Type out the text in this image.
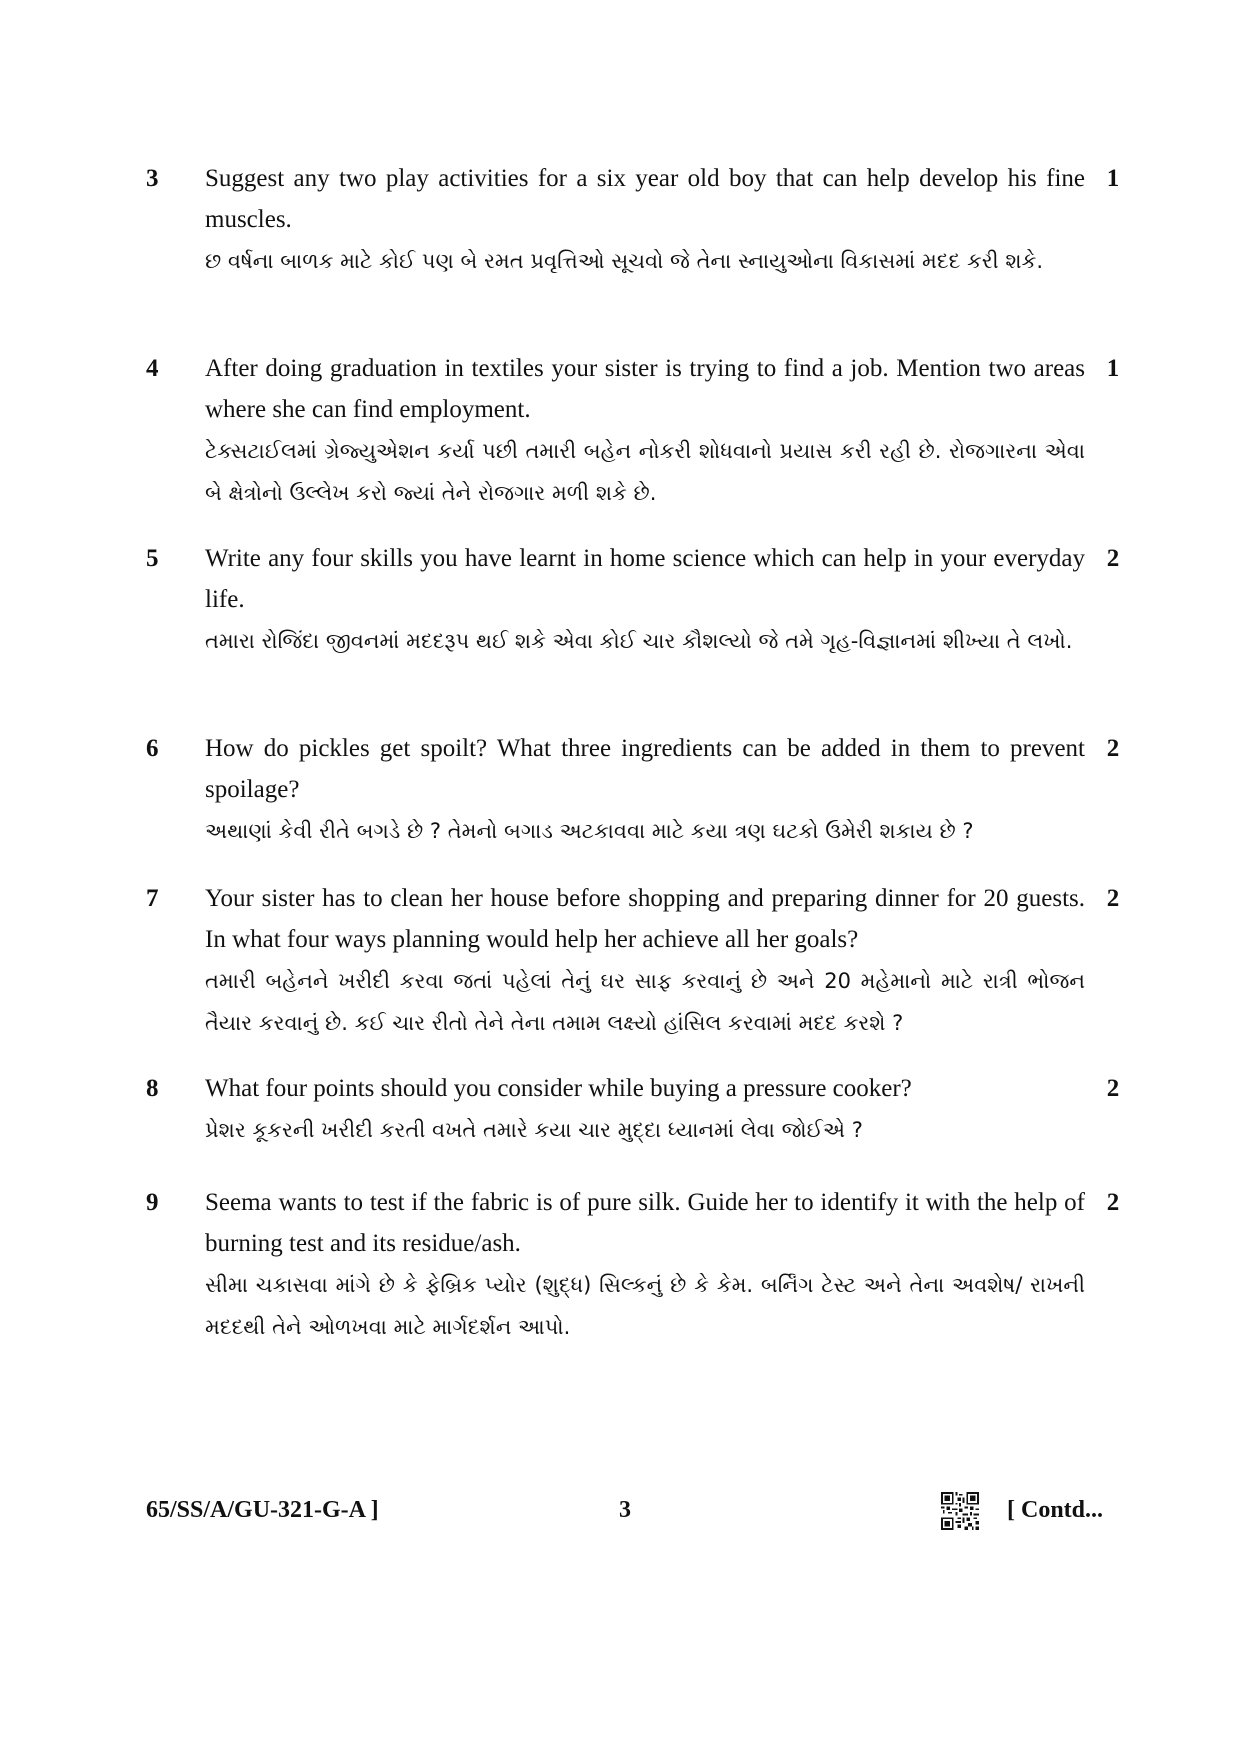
3 Suggest any two play activities for a six year old boy that can help develop his fine muscles.
છ વર્ષના બાળક માટે કોઈ પણ બે રમત પ્રવૃત્તિઓ સૂચવો જે તેના સ્નાયુઓના વિકાસમાં મદદ કરી શકે.
1
4 After doing graduation in textiles your sister is trying to find a job. Mention two areas where she can find employment.
ટેક્સટાઈલમાં ગ્રેજ્યુએશન કર્યા પછી તમારી બહેન નોકરી શોધવાનો પ્રયાસ કરી રહી છે. રોજગારના એવા બે ક્ષેત્રોનો ઉલ્લેખ કરો જ્યાં તેને રોજગાર મળી શકે છે.
1
5 Write any four skills you have learnt in home science which can help in your everyday life.
તમારા રોજિંદા જીવનમાં મદદરૂપ થઈ શકે એવા કોઈ ચાર કૌશલ્યો જે તમે ગૃહ-વિજ્ઞાનમાં શીખ્યા તે લખો.
2
6 How do pickles get spoilt? What three ingredients can be added in them to prevent spoilage?
અથાણાં કેવી રીતે બગડે છે ? તેમનો બગાડ અટકાવવા માટે કયા ત્રણ ઘટકો ઉમેરી શકાય છે ?
2
7 Your sister has to clean her house before shopping and preparing dinner for 20 guests. In what four ways planning would help her achieve all her goals?
તમારી બહેનને ખરીદી કરવા જતાં પહેલાં તેનું ઘર સાફ કરવાનું છે અને 20 મહેમાનો માટે રાત્રી ભોજન તૈયાર કરવાનું છે. કઈ ચાર રીતો તેને તેના તમામ લક્ષ્યો હાંસિલ કરવામાં મદદ કરશે ?
2
8 What four points should you consider while buying a pressure cooker?
પ્રેશર કૂકરની ખરીદી કરતી વખતે તમારે કયા ચાર મુદ્દા ધ્યાનમાં લેવા જોઈએ ?
2
9 Seema wants to test if the fabric is of pure silk. Guide her to identify it with the help of burning test and its residue/ash.
સીમા ચકાસવા માંગે છે કે ફેબ્રિક પ્યોર (શુદ્ધ) સિલ્કનું છે કે કેમ. બર્નિંગ ટેસ્ટ અને તેના અવશેષ/ રાખની મદદથી તેને ઓળખવા માટે માર્ગદર્શન આપો.
2
65/SS/A/GU-321-G-A ]	3	[ Contd...
